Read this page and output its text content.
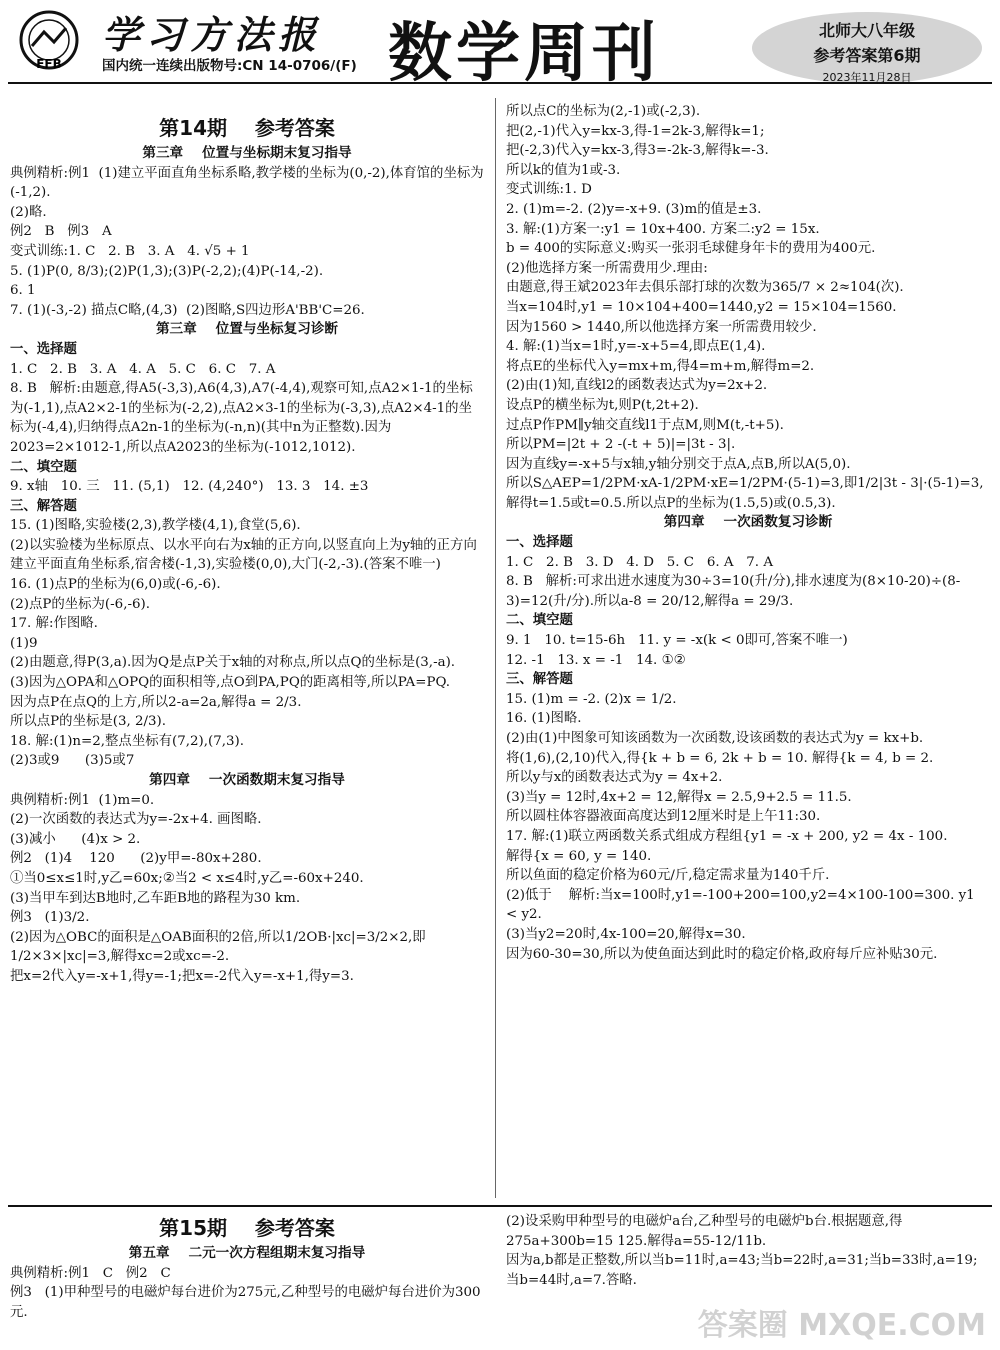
FFB
学习方法报
国内统一连续出版物号:CN 14-0706/(F) 数学周刊	北师大八年级
参考答案第6期
2023年11月28日

第14期    参考答案

第三章    位置与坐标期末复习指导

典例精析:例1  (1)建立平面直角坐标系略,教学楼的坐标为(0,-2),体育馆的坐标为(-1,2).

(2)略.

例2   B   例3   A

变式训练:1. C   2. B   3. A   4. √5 + 1

5. (1)P(0, 8/3);(2)P(1,3);(3)P(-2,2);(4)P(-14,-2).

6. 1

7. (1)(-3,-2) 描点C略,(4,3)  (2)图略,S四边形A'BB'C=26.

第三章    位置与坐标复习诊断

一、选择题

1. C   2. B   3. A   4. A   5. C   6. C   7. A

8. B   解析:由题意,得A5(-3,3),A6(4,3),A7(-4,4),观察可知,点A2×1-1的坐标为(-1,1),点A2×2-1的坐标为(-2,2),点A2×3-1的坐标为(-3,3),点A2×4-1的坐标为(-4,4),归纳得点A2n-1的坐标为(-n,n)(其中n为正整数).因为2023=2×1012-1,所以点A2023的坐标为(-1012,1012).

二、填空题

9. x轴   10. 三   11. (5,1)   12. (4,240°)   13. 3   14. ±3

三、解答题

15. (1)图略,实验楼(2,3),教学楼(4,1),食堂(5,6).

(2)以实验楼为坐标原点、以水平向右为x轴的正方向,以竖直向上为y轴的正方向建立平面直角坐标系,宿舍楼(-1,3),实验楼(0,0),大门(-2,-3).(答案不唯一)

16. (1)点P的坐标为(6,0)或(-6,-6).

(2)点P的坐标为(-6,-6).

17. 解:作图略.

(1)9

(2)由题意,得P(3,a).因为Q是点P关于x轴的对称点,所以点Q的坐标是(3,-a).

(3)因为△OPA和△OPQ的面积相等,点O到PA,PQ的距离相等,所以PA=PQ.

因为点P在点Q的上方,所以2-a=2a,解得a = 2/3.

所以点P的坐标是(3, 2/3).

18. 解:(1)n=2,整点坐标有(7,2),(7,3).

(2)3或9      (3)5或7

第四章    一次函数期末复习指导

典例精析:例1  (1)m=0.

(2)一次函数的表达式为y=-2x+4. 画图略.

(3)减小      (4)x > 2.

例2   (1)4    120      (2)y甲=-80x+280.

①当0≤x≤1时,y乙=60x;②当2 < x≤4时,y乙=-60x+240.

(3)当甲车到达B地时,乙车距B地的路程为30 km.

例3   (1)3/2.

(2)因为△OBC的面积是△OAB面积的2倍,所以1/2OB·|xc|=3/2×2,即1/2×3×|xc|=3,解得xc=2或xc=-2.

把x=2代入y=-x+1,得y=-1;把x=-2代入y=-x+1,得y=3.

所以点C的坐标为(2,-1)或(-2,3).

把(2,-1)代入y=kx-3,得-1=2k-3,解得k=1;

把(-2,3)代入y=kx-3,得3=-2k-3,解得k=-3.

所以k的值为1或-3.

变式训练:1. D

2. (1)m=-2. (2)y=-x+9. (3)m的值是±3.

3. 解:(1)方案一:y1 = 10x+400. 方案二:y2 = 15x.

b = 400的实际意义:购买一张羽毛球健身年卡的费用为400元.

(2)他选择方案一所需费用少.理由:

由题意,得王斌2023年去俱乐部打球的次数为365/7 × 2≈104(次).

当x=104时,y1 = 10×104+400=1440,y2 = 15×104=1560.

因为1560 > 1440,所以他选择方案一所需费用较少.

4. 解:(1)当x=1时,y=-x+5=4,即点E(1,4).

将点E的坐标代入y=mx+m,得4=m+m,解得m=2.

(2)由(1)知,直线l2的函数表达式为y=2x+2.

设点P的横坐标为t,则P(t,2t+2).

过点P作PM∥y轴交直线l1于点M,则M(t,-t+5).

所以PM=|2t + 2 -(-t + 5)|=|3t - 3|.

因为直线y=-x+5与x轴,y轴分别交于点A,点B,所以A(5,0).

所以S△AEP=1/2PM·xA-1/2PM·xE=1/2PM·(5-1)=3,即1/2|3t - 3|·(5-1)=3,解得t=1.5或t=0.5.所以点P的坐标为(1.5,5)或(0.5,3).

第四章    一次函数复习诊断

一、选择题

1. C   2. B   3. D   4. D   5. C   6. A   7. A

8. B   解析:可求出进水速度为30÷3=10(升/分),排水速度为(8×10-20)÷(8-3)=12(升/分).所以a-8 = 20/12,解得a = 29/3.

二、填空题

9. 1   10. t=15-6h   11. y = -x(k < 0即可,答案不唯一)

12. -1   13. x = -1   14. ①②

三、解答题

15. (1)m = -2. (2)x = 1/2.

16. (1)图略.

(2)由(1)中图象可知该函数为一次函数,设该函数的表达式为y = kx+b.

将(1,6),(2,10)代入,得{k + b = 6, 2k + b = 10. 解得{k = 4, b = 2.

所以y与x的函数表达式为y = 4x+2.

(3)当y = 12时,4x+2 = 12,解得x = 2.5,9+2.5 = 11.5.

所以圆柱体容器液面高度达到12厘米时是上午11:30.

17. 解:(1)联立两函数关系式组成方程组{y1 = -x + 200, y2 = 4x - 100.

解得{x = 60, y = 140.

所以鱼面的稳定价格为60元/斤,稳定需求量为140千斤.

(2)低于    解析:当x=100时,y1=-100+200=100,y2=4×100-100=300. y1 < y2.

(3)当y2=20时,4x-100=20,解得x=30.

因为60-30=30,所以为使鱼面达到此时的稳定价格,政府每斤应补贴30元.

第15期    参考答案

第五章    二元一次方程组期末复习指导

典例精析:例1   C   例2   C

例3   (1)甲种型号的电磁炉每台进价为275元,乙种型号的电磁炉每台进价为300元.

(2)设采购甲种型号的电磁炉a台,乙种型号的电磁炉b台.根据题意,得275a+300b=15 125.解得a=55-12/11b.

因为a,b都是正整数,所以当b=11时,a=43;当b=22时,a=31;当b=33时,a=19;当b=44时,a=7.答略.

答案圈 MXQE.COM
